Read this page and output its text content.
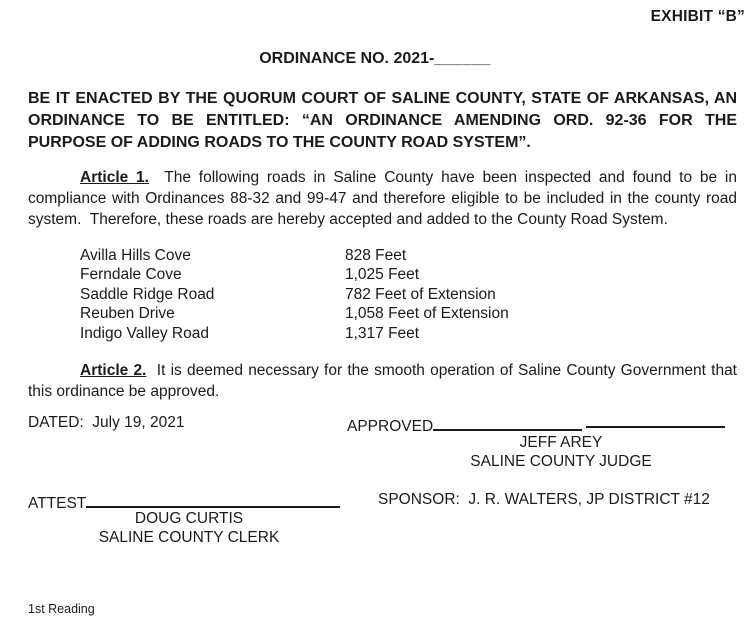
EXHIBIT “B”
ORDINANCE NO. 2021-______
BE IT ENACTED BY THE QUORUM COURT OF SALINE COUNTY, STATE OF ARKANSAS, AN ORDINANCE TO BE ENTITLED: “AN ORDINANCE AMENDING ORD. 92-36 FOR THE PURPOSE OF ADDING ROADS TO THE COUNTY ROAD SYSTEM”.
Article 1.  The following roads in Saline County have been inspected and found to be in compliance with Ordinances 88-32 and 99-47 and therefore eligible to be included in the county road system.  Therefore, these roads are hereby accepted and added to the County Road System.
Avilla Hills Cove	828 Feet
Ferndale Cove	1,025 Feet
Saddle Ridge Road	782 Feet of Extension
Reuben Drive	1,058 Feet of Extension
Indigo Valley Road	1,317 Feet
Article 2.  It is deemed necessary for the smooth operation of Saline County Government that this ordinance be approved.
DATED:  July 19, 2021	APPROVED
JEFF AREY
SALINE COUNTY JUDGE
ATTEST	SPONSOR:  J. R. WALTERS, JP DISTRICT #12
DOUG CURTIS
SALINE COUNTY CLERK
1st Reading
